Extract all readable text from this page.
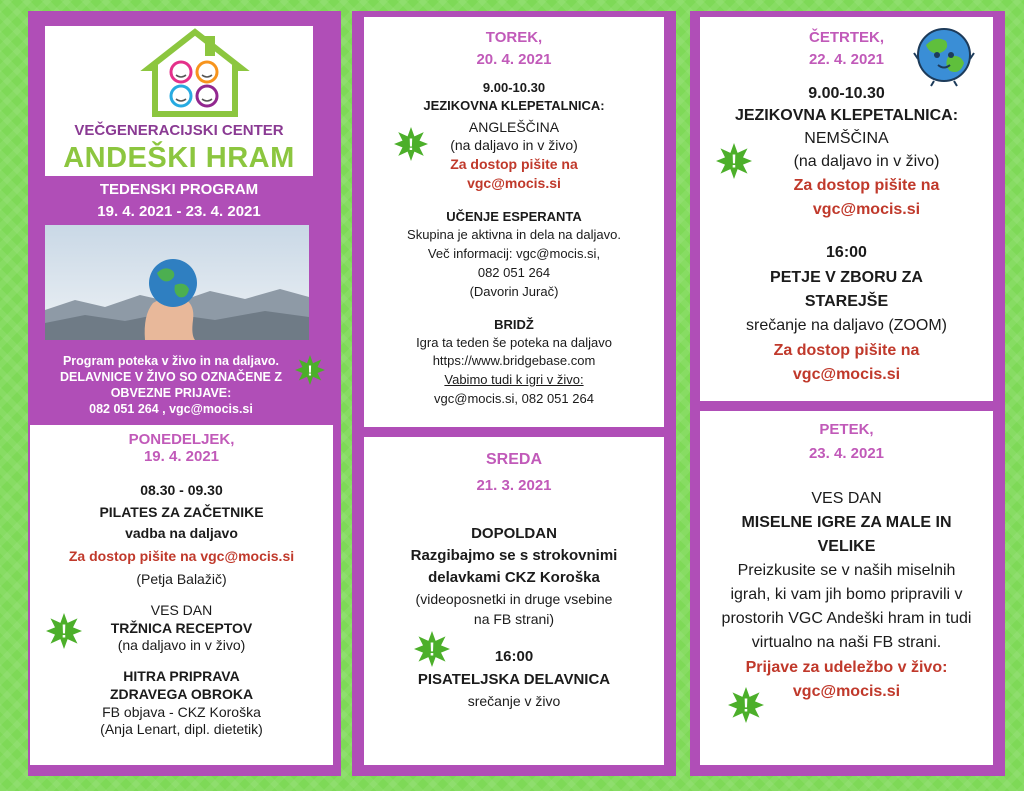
VEČGENERACIJSKI CENTER
ANDEŠKI HRAM
TEDENSKI PROGRAM
19. 4. 2021 - 23. 4. 2021
Program poteka v živo in na daljavo.
DELAVNICE V ŽIVO SO OZNAČENE Z
OBVEZNE PRIJAVE:
082 051 264 , vgc@mocis.si
!
PONEDELJEK,
19. 4. 2021
08.30 - 09.30
PILATES ZA ZAČETNIKE
vadba na daljavo
Za dostop pišite na vgc@mocis.si
(Petja Balažič)
VES DAN
TRŽNICA RECEPTOV
(na daljavo in v živo)
HITRA PRIPRAVA
ZDRAVEGA OBROKA
FB objava - CKZ Koroška
(Anja Lenart, dipl. dietetik)
!
TOREK,
20. 4. 2021
9.00-10.30
JEZIKOVNA KLEPETALNICA:
ANGLEŠČINA
(na daljavo in v živo)
Za dostop pišite na
vgc@mocis.si
UČENJE ESPERANTA
Skupina je aktivna in dela na daljavo.
Več informacij: vgc@mocis.si,
082 051 264
(Davorin Jurač)
BRIDŽ
Igra ta teden še poteka na daljavo
https://www.bridgebase.com
Vabimo tudi k igri v živo:
vgc@mocis.si, 082 051 264
!
SREDA
21. 3. 2021
DOPOLDAN
Razgibajmo se s strokovnimi
delavkami CKZ Koroška
(videoposnetki in druge vsebine
na FB strani)
16:00
PISATELJSKA DELAVNICA
srečanje v živo
!
ČETRTEK,
22. 4. 2021
9.00-10.30
JEZIKOVNA KLEPETALNICA:
NEMŠČINA
(na daljavo in v živo)
Za dostop pišite na
vgc@mocis.si
16:00
PETJE V ZBORU ZA
STAREJŠE
srečanje na daljavo (ZOOM)
Za dostop pišite na
vgc@mocis.si
!
PETEK,
23. 4. 2021
VES DAN
MISELNE IGRE ZA MALE IN
VELIKE
Preizkusite se v naših miselnih
igrah, ki vam jih bomo pripravili v
prostorih VGC Andeški hram in tudi
virtualno na naši FB strani.
Prijave za udeležbo v živo:
vgc@mocis.si
!
